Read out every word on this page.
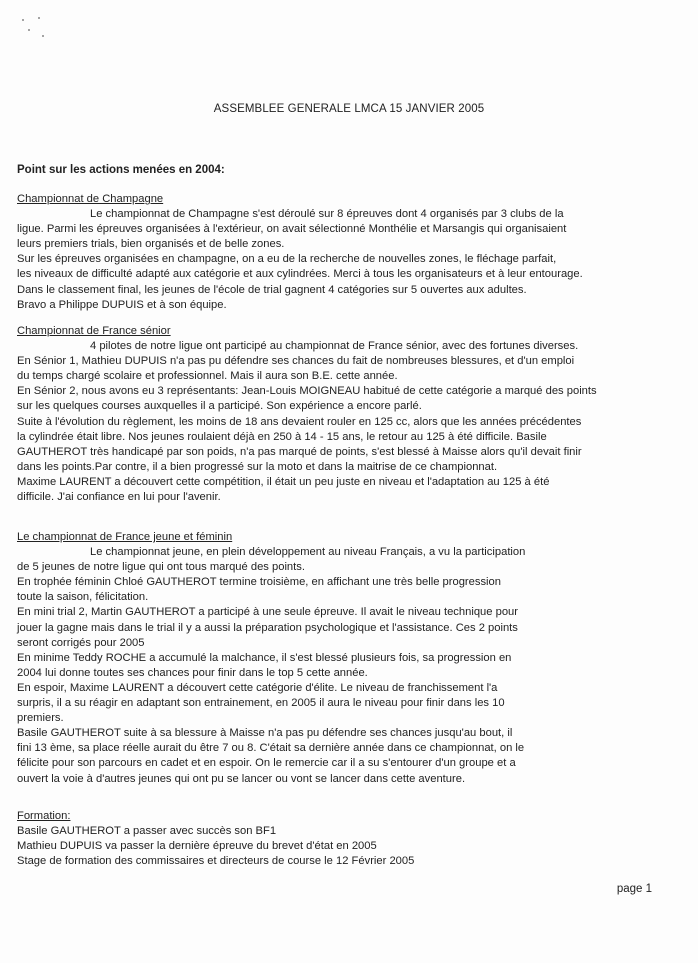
ASSEMBLEE GENERALE LMCA 15 JANVIER 2005
Point sur les actions menées en 2004:
Championnat de Champagne
Le championnat de Champagne s'est déroulé sur 8 épreuves dont 4 organisés par 3 clubs de la
ligue. Parmi les épreuves organisées à l'extérieur, on avait sélectionné Monthélie et Marsangis qui organisaient
leurs premiers trials, bien organisés et de belle zones.
Sur les épreuves organisées en champagne, on a eu de la recherche de nouvelles zones, le fléchage parfait,
les niveaux de difficulté adapté aux catégorie et aux cylindrées. Merci à tous les organisateurs et à leur entourage.
Dans le classement final, les jeunes de l'école de trial gagnent 4 catégories sur 5 ouvertes aux adultes.
Bravo a Philippe DUPUIS et à son équipe.
Championnat de France sénior
4 pilotes de notre ligue ont participé au championnat de France sénior, avec des fortunes diverses.
En Sénior 1, Mathieu DUPUIS n'a pas pu défendre ses chances du fait de nombreuses blessures, et d'un emploi
du temps chargé scolaire et professionnel. Mais il aura son B.E. cette année.
En Sénior 2, nous avons eu 3 représentants: Jean-Louis MOIGNEAU habitué de cette catégorie a marqué des points
sur les quelques courses auxquelles il a participé. Son expérience a encore parlé.
Suite à l'évolution du règlement, les moins de 18 ans devaient rouler en 125 cc, alors que les années précédentes
la cylindrée était libre. Nos jeunes roulaient déjà en 250 à 14 - 15 ans, le retour au 125 à été difficile. Basile
GAUTHEROT très handicapé par son poids, n'a pas marqué de points, s'est blessé à Maisse alors qu'il devait finir
dans les points.Par contre, il a bien progressé sur la moto et dans la maitrise de ce championnat.
Maxime LAURENT a découvert cette compétition, il était un peu juste en niveau et l'adaptation au 125 à été
difficile. J'ai confiance en lui pour l'avenir.
Le championnat de France jeune et féminin
Le championnat jeune, en plein développement au niveau Français, a vu la participation
de 5 jeunes de notre ligue qui ont tous marqué des points.
En trophée féminin Chloé GAUTHEROT termine troisième, en affichant une très belle progression
toute la saison, félicitation.
En mini trial 2, Martin GAUTHEROT a participé à une seule épreuve. Il avait le niveau technique pour
jouer la gagne mais dans le trial il y a aussi la préparation psychologique et l'assistance. Ces 2 points
seront corrigés pour 2005
En minime Teddy ROCHE a accumulé la malchance, il s'est blessé plusieurs fois, sa progression en
2004 lui donne toutes ses chances pour finir dans le top 5 cette année.
En espoir, Maxime LAURENT a découvert cette catégorie d'élite. Le niveau de franchissement l'a
surpris, il a su réagir en adaptant son entrainement, en 2005 il aura le niveau pour finir dans les 10
premiers.
Basile GAUTHEROT suite à sa blessure à Maisse n'a pas pu défendre ses chances jusqu'au bout, il
fini 13 ème, sa place réelle aurait du être 7 ou 8. C'était sa dernière année dans ce championnat, on le
félicite pour son parcours en cadet et en espoir. On le remercie car il a su s'entourer d'un groupe et a
ouvert la voie à d'autres jeunes qui ont pu se lancer ou vont se lancer dans cette aventure.
Formation:
Basile GAUTHEROT a passer avec succès son BF1
Mathieu DUPUIS va passer la dernière épreuve du brevet d'état en 2005
Stage de formation des commissaires et directeurs de course le 12 Février 2005
page 1
